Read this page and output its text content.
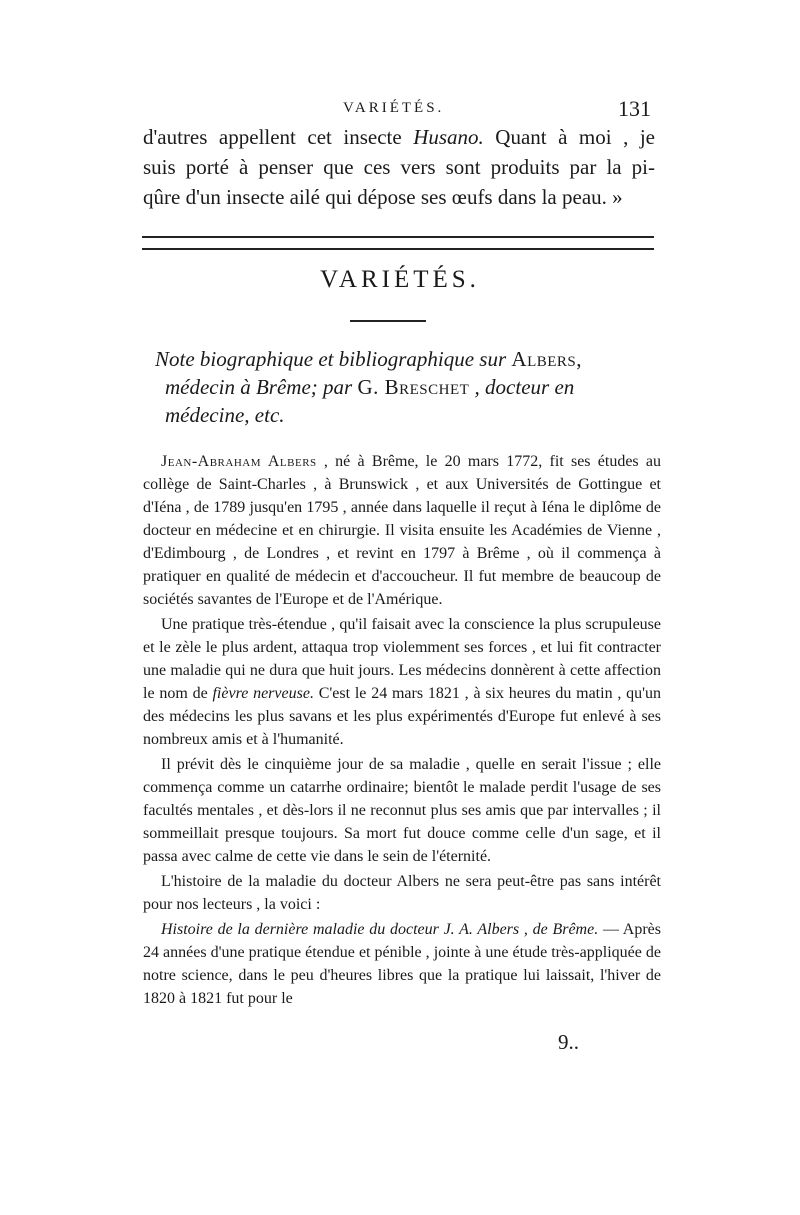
VARIÉTÉS.	131
d'autres appellent cet insecte Husano. Quant à moi , je
suis porté à penser que ces vers sont produits par la pi-
qûre d'un insecte ailé qui dépose ses œufs dans la peau. »
VARIÉTÉS.
Note biographique et bibliographique sur Albers,
médecin à Brême; par G. Breschet , docteur en
médecine, etc.

Jean-Abraham Albers , né à Brême, le 20 mars 1772, fit ses études au collège de Saint-Charles , à Brunswick , et aux Universités de Gottingue et d'Iéna , de 1789 jusqu'en 1795 , année dans laquelle il reçut à Iéna le diplôme de docteur en médecine et en chirurgie. Il visita ensuite les Académies de Vienne , d'Edimbourg , de Londres , et revint en 1797 à Brême , où il commença à pratiquer en qualité de médecin et d'accoucheur. Il fut membre de beaucoup de sociétés savantes de l'Europe et de l'Amérique.

Une pratique très-étendue , qu'il faisait avec la conscience la plus scrupuleuse et le zèle le plus ardent, attaqua trop violemment ses forces , et lui fit contracter une maladie qui ne dura que huit jours. Les médecins donnèrent à cette affection le nom de fièvre nerveuse. C'est le 24 mars 1821 , à six heures du matin , qu'un des médecins les plus savans et les plus expérimentés d'Europe fut enlevé à ses nombreux amis et à l'humanité.

Il prévit dès le cinquième jour de sa maladie , quelle en serait l'issue ; elle commença comme un catarrhe ordinaire; bientôt le malade perdit l'usage de ses facultés mentales , et dès-lors il ne reconnut plus ses amis que par intervalles ; il sommeillait presque toujours. Sa mort fut douce comme celle d'un sage, et il passa avec calme de cette vie dans le sein de l'éternité.

L'histoire de la maladie du docteur Albers ne sera peut-être pas sans intérêt pour nos lecteurs , la voici :

Histoire de la dernière maladie du docteur J. A. Albers , de Brême. — Après 24 années d'une pratique étendue et pénible , jointe à une étude très-appliquée de notre science, dans le peu d'heures libres que la pratique lui laissait, l'hiver de 1820 à 1821 fut pour le

9..
